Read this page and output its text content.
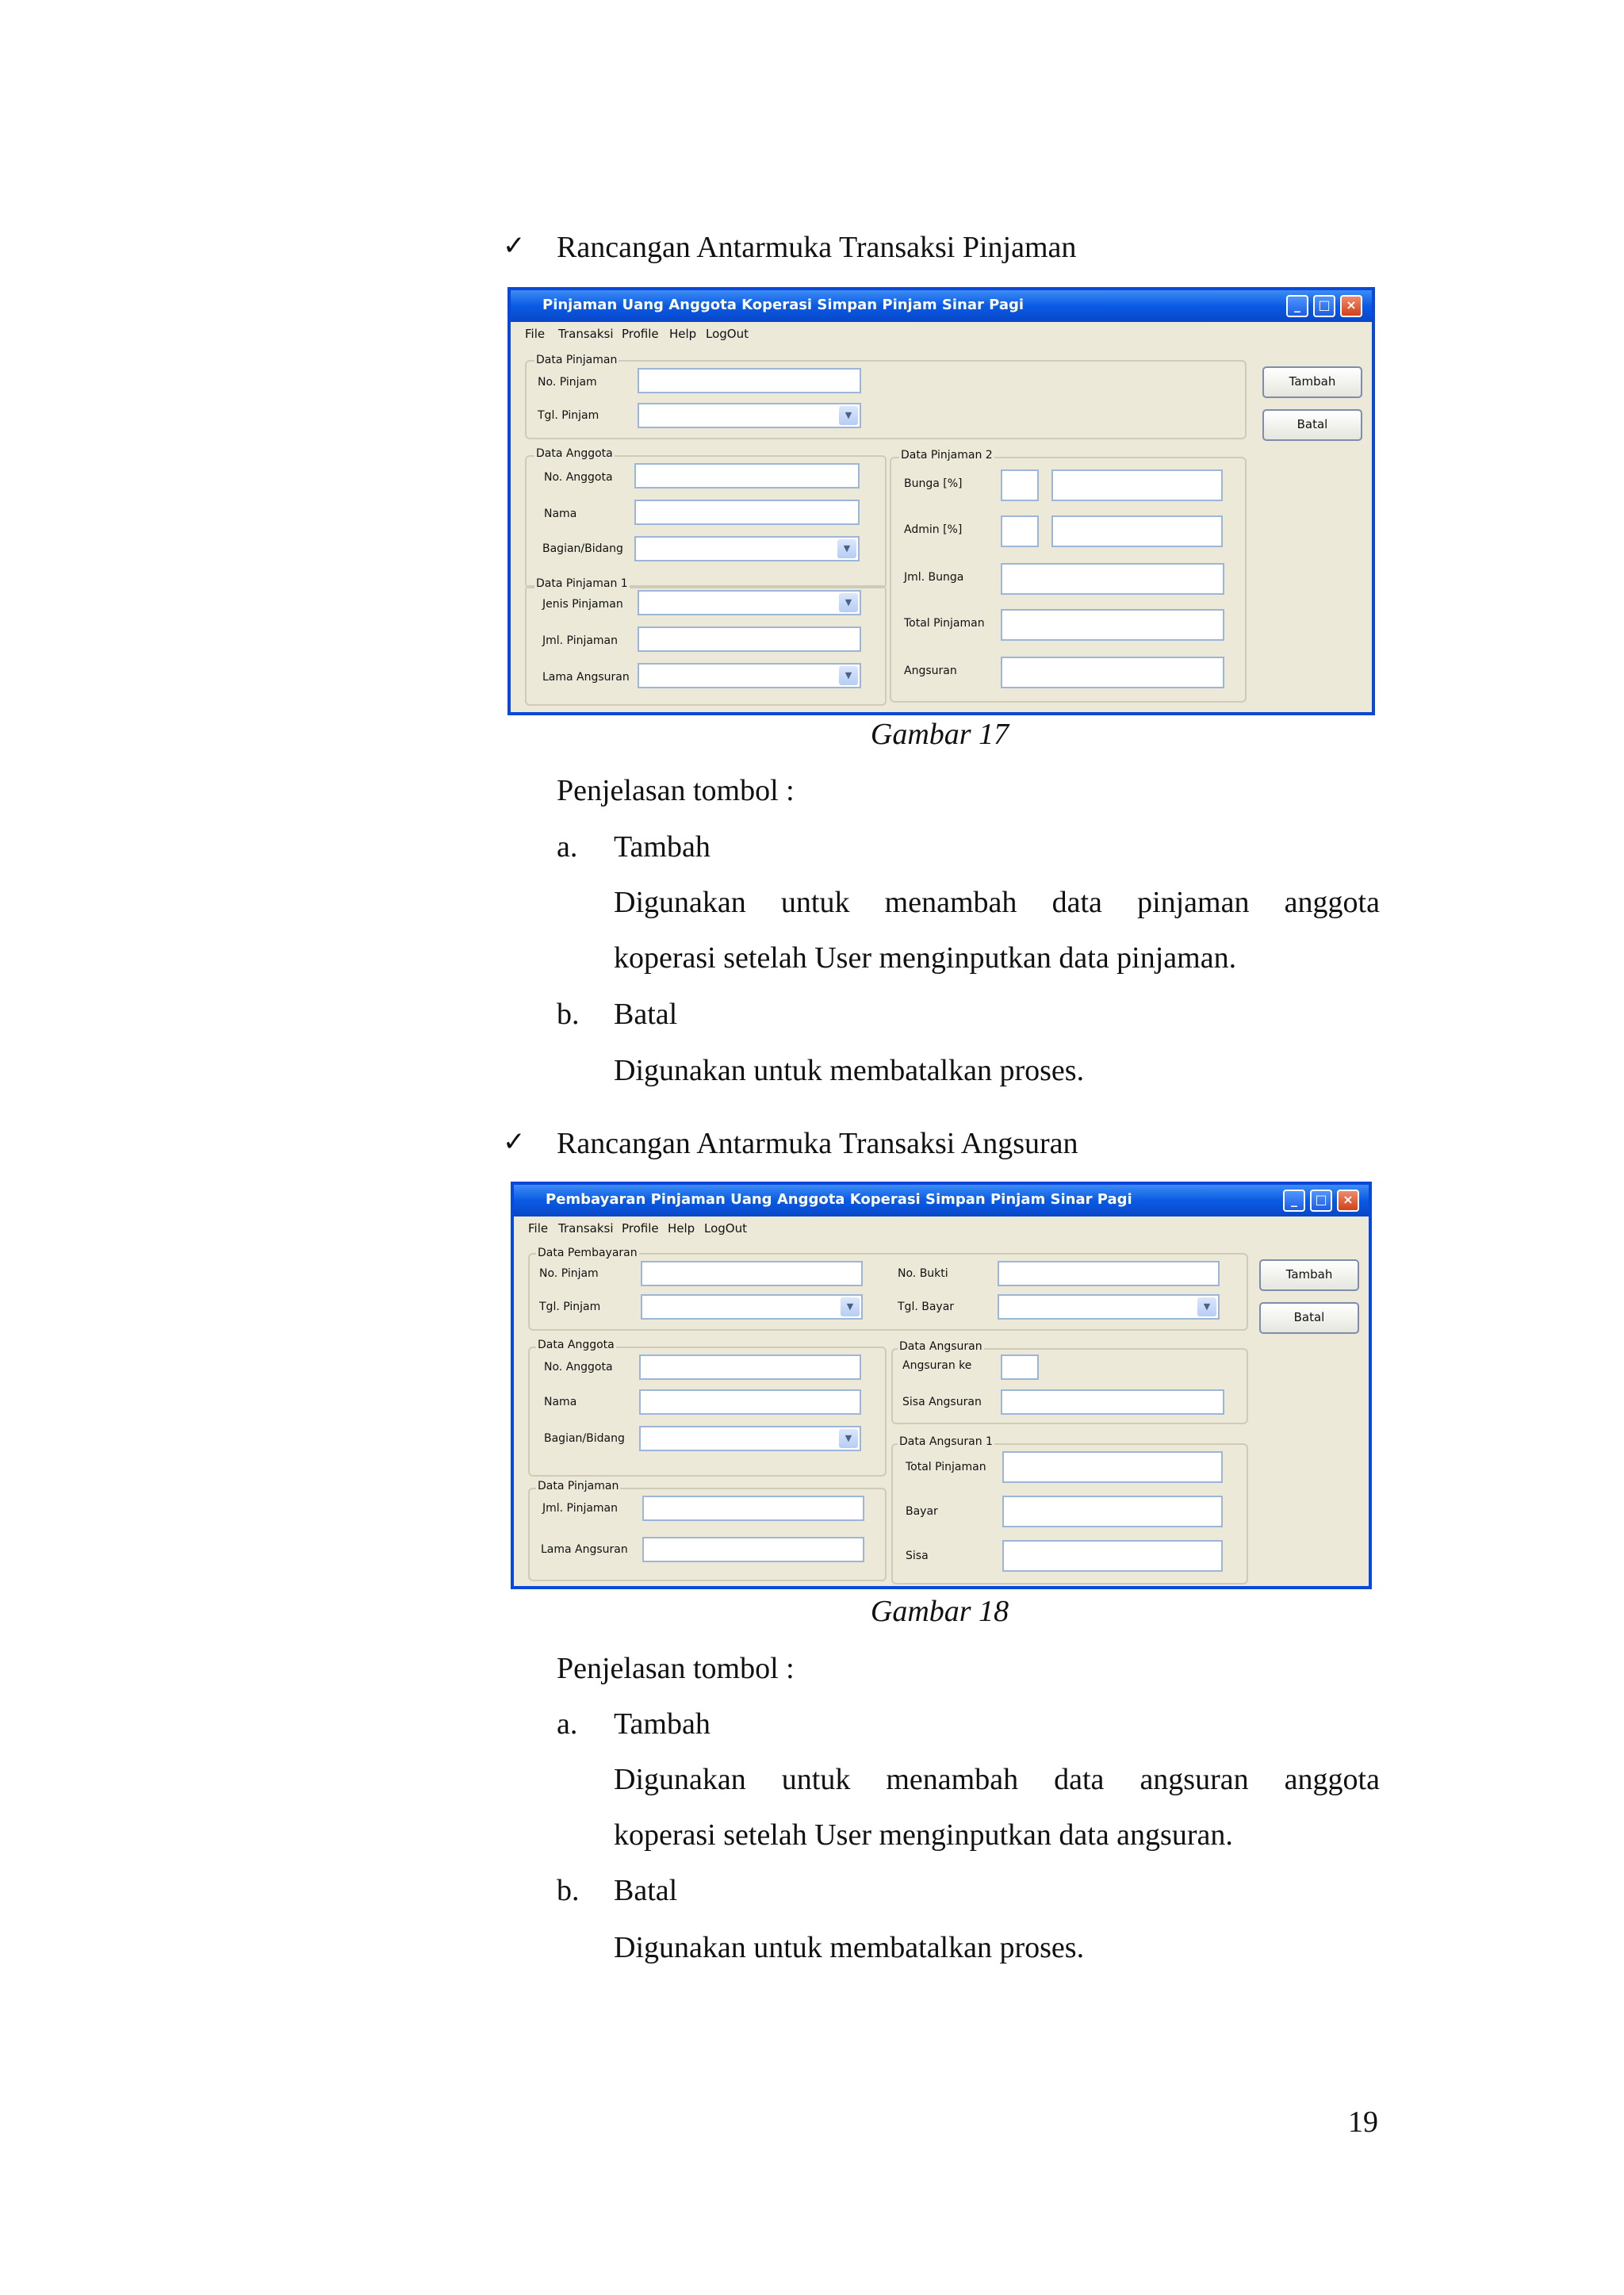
✓ Rancangan Antarmuka Transaksi Pinjaman
Pinjaman Uang Anggota Koperasi Simpan Pinjam Sinar Pagi	_	□	×
File Transaksi Profile Help LogOut
Data Pinjaman
No. Pinjam
Tgl. Pinjam	▼
Tambah
Batal
Data Anggota
No. Anggota
Nama
Bagian/Bidang	▼
Data Pinjaman 1
Jenis Pinjaman	▼
Jml. Pinjaman
Lama Angsuran	▼
Data Pinjaman 2
Bunga [%]
Admin [%]
Jml. Bunga
Total Pinjaman
Angsuran
Gambar 17
Penjelasan tombol :
a. Tambah
Digunakan untuk menambah data pinjaman anggota
koperasi setelah User menginputkan data pinjaman.
b. Batal
Digunakan untuk membatalkan proses.
✓ Rancangan Antarmuka Transaksi Angsuran
Pembayaran Pinjaman Uang Anggota Koperasi Simpan Pinjam Sinar Pagi	_	□	×
File Transaksi Profile Help LogOut
Data Pembayaran
No. Pinjam
Tgl. Pinjam	▼
No. Bukti
Tgl. Bayar	▼
Tambah
Batal
Data Anggota
No. Anggota
Nama
Bagian/Bidang	▼
Data Pinjaman
Jml. Pinjaman
Lama Angsuran
Data Angsuran
Angsuran ke
Sisa Angsuran
Data Angsuran 1
Total Pinjaman
Bayar
Sisa
Gambar 18
Penjelasan tombol :
a. Tambah
Digunakan untuk menambah data angsuran anggota
koperasi setelah User menginputkan data angsuran.
b. Batal
Digunakan untuk membatalkan proses.
19
